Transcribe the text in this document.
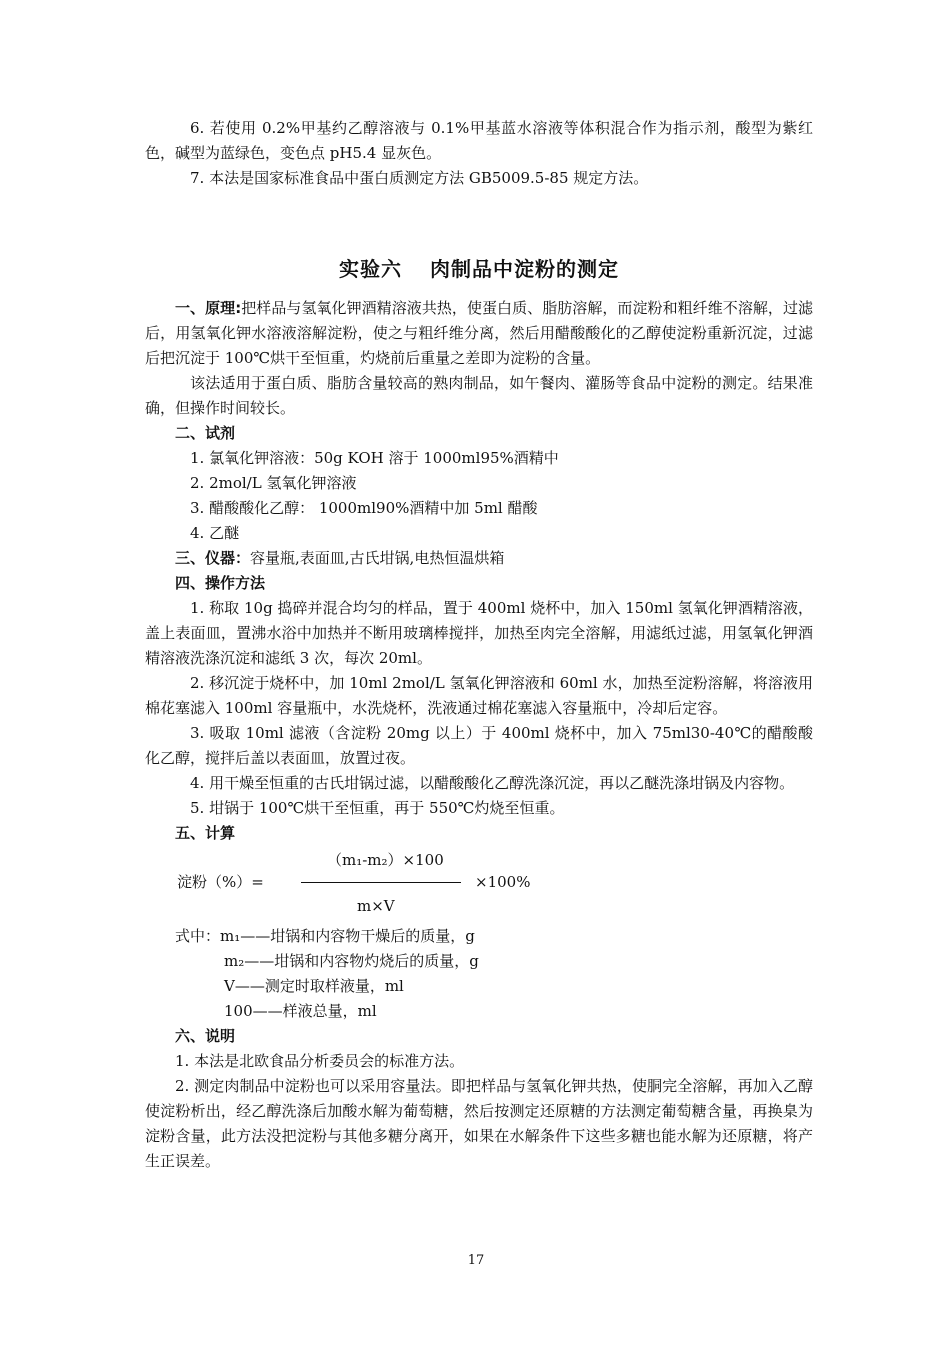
6. 若使用 0.2%甲基约乙醇溶液与 0.1%甲基蓝水溶液等体积混合作为指示剂，酸型为紫红色，碱型为蓝绿色，变色点 pH5.4 显灰色。

7. 本法是国家标准食品中蛋白质测定方法 GB5009.5-85 规定方法。

实验六 肉制品中淀粉的测定

一、原理:把样品与氢氧化钾酒精溶液共热，使蛋白质、脂肪溶解，而淀粉和粗纤维不溶解，过滤后，用氢氧化钾水溶液溶解淀粉，使之与粗纤维分离，然后用醋酸酸化的乙醇使淀粉重新沉淀，过滤后把沉淀于 100℃烘干至恒重，灼烧前后重量之差即为淀粉的含量。

该法适用于蛋白质、脂肪含量较高的熟肉制品，如午餐肉、灌肠等食品中淀粉的测定。结果准确，但操作时间较长。

二、试剂

1. 氯氧化钾溶液：50g KOH 溶于 1000ml95%酒精中

2. 2mol/L 氢氧化钾溶液

3. 醋酸酸化乙醇： 1000ml90%酒精中加 5ml 醋酸

4. 乙醚

三、仪器：容量瓶,表面皿,古氏坩锅,电热恒温烘箱

四、操作方法

1. 称取 10g 捣碎并混合均匀的样品，置于 400ml 烧杯中，加入 150ml 氢氧化钾酒精溶液，盖上表面皿，置沸水浴中加热并不断用玻璃棒搅拌，加热至肉完全溶解，用滤纸过滤，用氢氧化钾酒精溶液洗涤沉淀和滤纸 3 次，每次 20ml。

2. 移沉淀于烧杯中，加 10ml 2mol/L 氢氧化钾溶液和 60ml 水，加热至淀粉溶解，将溶液用棉花塞滤入 100ml 容量瓶中，水洗烧杯，洗液通过棉花塞滤入容量瓶中，冷却后定容。

3. 吸取 10ml 滤液（含淀粉 20mg 以上）于 400ml 烧杯中，加入 75ml30-40℃的醋酸酸化乙醇，搅拌后盖以表面皿，放置过夜。

4. 用干燥至恒重的古氏坩锅过滤，以醋酸酸化乙醇洗涤沉淀，再以乙醚洗涤坩锅及内容物。

5. 坩锅于 100℃烘干至恒重，再于 550℃灼烧至恒重。

五、计算

淀粉（%）=
（m₁-m₂）×100
m×V
×100%

式中：m₁——坩锅和内容物干燥后的质量，g

m₂——坩锅和内容物灼烧后的质量，g

V——测定时取样液量，ml

100——样液总量，ml

六、说明

1. 本法是北欧食品分析委员会的标准方法。

2. 测定肉制品中淀粉也可以采用容量法。即把样品与氢氧化钾共热，使胴完全溶解，再加入乙醇使淀粉析出，经乙醇洗涤后加酸水解为葡萄糖，然后按测定还原糖的方法测定葡萄糖含量，再换臬为淀粉含量，此方法没把淀粉与其他多糖分离开，如果在水解条件下这些多糖也能水解为还原糖，将产生正误差。

17
